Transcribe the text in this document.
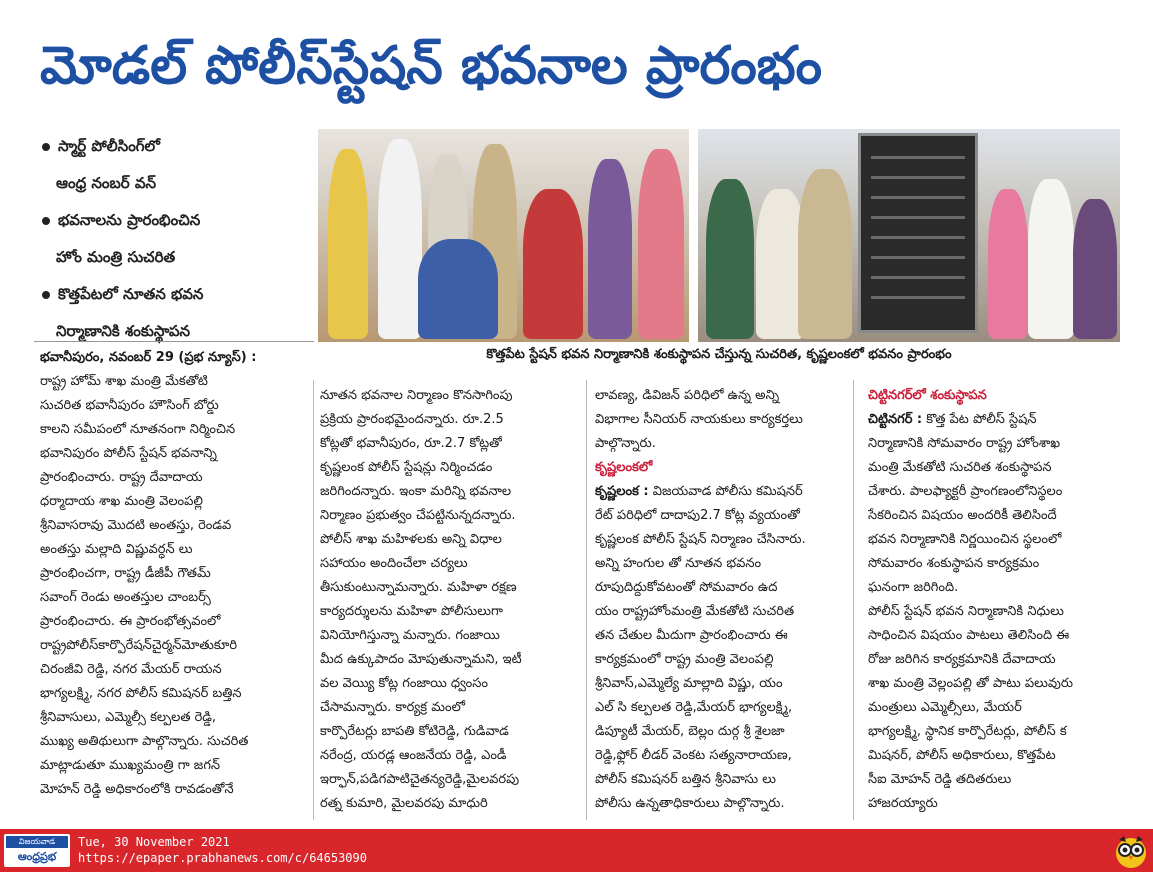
మోడల్ పోలీస్‌స్టేషన్ భవనాల ప్రారంభం
స్మార్ట్ పోలీసింగ్‌లో
ఆంధ్ర నంబర్ వన్
భవనాలను ప్రారంభించిన
హోం మంత్రి సుచరిత
కొత్తపేటలో నూతన భవన
నిర్మాణానికి శంకుస్థాపన
కొత్తపేట స్టేషన్ భవన నిర్మాణానికి శంకుస్థాపన చేస్తున్న సుచరిత, కృష్ణలంకలో భవనం ప్రారంభం
భవానీపురం, నవంబర్ 29 (ప్రభ న్యూస్) :
రాష్ట్ర హోమ్ శాఖ మంత్రి మేకతోటి
సుచరిత భవానీపురం హౌసింగ్ బోర్డు
కాలని సమీపంలో నూతనంగా నిర్మించిన
భవానిపురం పోలీస్ స్టేషన్ భవనాన్ని
ప్రారంభించారు. రాష్ట్ర దేవాదాయ
ధర్మాదాయ శాఖ మంత్రి వెలంపల్లి
శ్రీనివాసరావు మొదటి అంతస్తు, రెండవ
అంతస్తు మల్లాది విష్ణువర్ధన్ లు
ప్రారంభించగా, రాష్ట్ర డీజీపీ గౌతమ్
సవాంగ్ రెండు అంతస్తుల చాంబర్స్
ప్రారంభించారు. ఈ ప్రారంభోత్సవంలో
రాష్ట్రపోలీస్‌కార్పొరేషన్‌చైర్మన్‌మోతుకూరి
చిరంజీవి రెడ్డి, నగర మేయర్ రాయన
భాగ్యలక్ష్మి, నగర పోలీస్ కమిషనర్ బత్తిన
శ్రీనివాసులు, ఎమ్మెల్సీ కల్పలత రెడ్డి,
ముఖ్య అతిథులుగా పాల్గొన్నారు. సుచరిత
మాట్లాడుతూ ముఖ్యమంత్రి గా జగన్
మోహన్ రెడ్డి అధికారంలోకి రావడంతోనే
నూతన భవనాల నిర్మాణం కొనసాగింపు
ప్రక్రియ ప్రారంభమైందన్నారు. రూ.2.5
కోట్లతో భవానీపురం, రూ.2.7 కోట్లతో
కృష్ణలంక పోలీస్ స్టేషన్లు నిర్మించడం
జరిగిందన్నారు. ఇంకా మరిన్ని భవనాల
నిర్మాణం ప్రభుత్వం చేపట్టినున్నదన్నారు.
పోలీస్ శాఖ మహిళలకు అన్ని విధాల
సహాయం అందించేలా చర్యలు
తీసుకుంటున్నామన్నారు. మహిళా రక్షణ
కార్యదర్శులను మహిళా పోలీసులుగా
వినియోగిస్తున్నా మన్నారు. గంజాయి
మీద ఉక్కుపాదం మోపుతున్నామని, ఇటీ
వల వెయ్యి కోట్ల గంజాయి ధ్వంసం
చేసామన్నారు. కార్యక్ర మంలో
కార్పొరేటర్లు బాపతి కోటిరెడ్డి, గుడివాడ
నరేంద్ర, యరడ్ల ఆంజనేయ రెడ్డి, ఎండీ
ఇర్ఫాన్,పడిగపాటిచైతన్యరెడ్డి,మైలవరపు
రత్న కుమారి, మైలవరపు మాధురి
లావణ్య, డివిజన్ పరిధిలో ఉన్న అన్ని
విభాగాల సీనియర్ నాయకులు కార్యకర్తలు
పాల్గొన్నారు.
కృష్ణలంకలో
కృష్ణలంక : విజయవాడ పోలీసు కమిషనర్
రేట్ పరిధిలో దాదాపు2.7 కోట్ల వ్యయంతో
కృష్ణలంక పోలీస్ స్టేషన్ నిర్మాణం చేసినారు.
అన్ని హంగుల తో నూతన భవనం
రూపుదిద్దుకోవటంతో సోమవారం ఉద
యం రాష్ట్రహోంమంత్రి మేకతోటి సుచరిత
తన చేతుల మీదుగా ప్రారంభించారు ఈ
కార్యక్రమంలో రాష్ట్ర మంత్రి వెలంపల్లి
శ్రీనివాస్,ఎమ్మెల్యే మాల్లాది విష్ణు, యం
ఎల్ సి కల్పలత రెడ్డి,మేయర్ భాగ్యలక్ష్మి,
డిప్యూటీ మేయర్, బెల్లం దుర్గ శ్రీ శైలజా
రెడ్డి,ఫ్లోర్ లీడర్ వెంకట సత్యనారాయణ,
పోలీస్ కమిషనర్ బత్తిన శ్రీనివాసు లు
పోలీసు ఉన్నతాధికారులు పాల్గొన్నారు.
చిట్టినగర్‌లో శంకుస్థాపన
చిట్టినగర్ : కొత్త పేట పోలీస్ స్టేషన్
నిర్మాణానికి సోమవారం రాష్ట్ర హోంశాఖ
మంత్రి మేకతోటి సుచరిత శంకుస్థాపన
చేశారు. పాలఫ్యాక్టరీ ప్రాంగణంలోనిస్థలం
సేకరించిన విషయం అందరికీ తెలిసిందే
భవన నిర్మాణానికి నిర్ణయించిన స్థలంలో
సోమవారం శంకుస్థాపన కార్యక్రమం
ఘనంగా జరిగింది.
పోలీస్ స్టేషన్ భవన నిర్మాణానికి నిధులు
సాధించిన విషయం పాటలు తెలిసింది ఈ
రోజు జరిగిన కార్యక్రమానికి దేవాదాయ
శాఖ మంత్రి వెల్లంపల్లి తో పాటు పలువురు
మంత్రులు ఎమ్మెల్సీలు, మేయర్
భాగ్యలక్ష్మి, స్థానిక కార్పొరేటర్లు, పోలీస్ క
మిషనర్, పోలీస్ అధికారులు, కొత్తపేట
సీఐ మోహన్ రెడ్డి తదితరులు
హాజరయ్యారు
విజయవాడ
ఆంధ్రప్రభ
Tue, 30 November 2021
https://epaper.prabhanews.com/c/64653090
